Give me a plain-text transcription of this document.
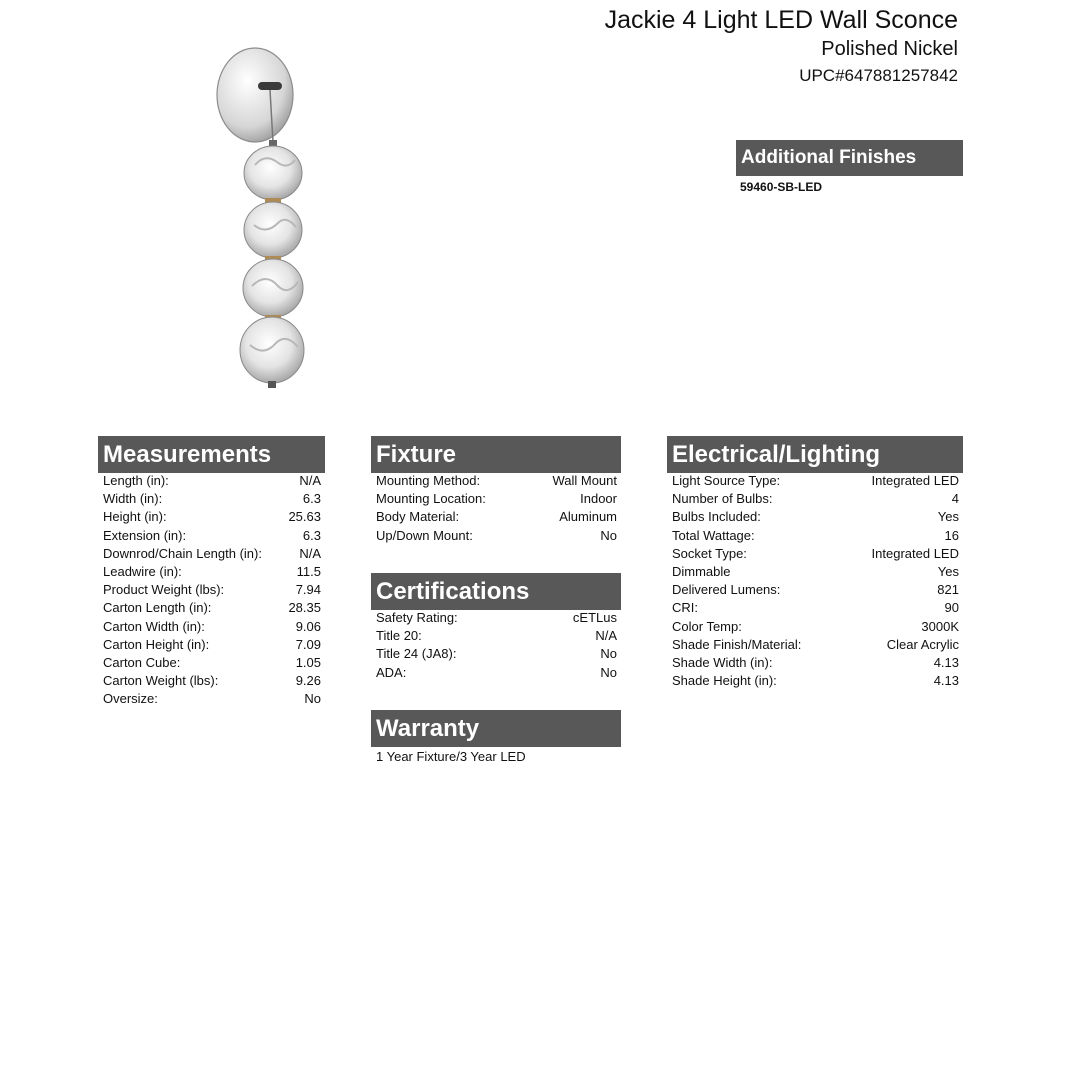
Jackie 4 Light LED Wall Sconce
Polished Nickel
UPC#647881257842
Additional Finishes
59460-SB-LED
Measurements
Length (in):	N/A
Width (in):	6.3
Height (in):	25.63
Extension (in):	6.3
Downrod/Chain Length (in):	N/A
Leadwire (in):	11.5
Product Weight (lbs):	7.94
Carton Length (in):	28.35
Carton Width (in):	9.06
Carton Height (in):	7.09
Carton Cube:	1.05
Carton Weight (lbs):	9.26
Oversize:	No
Fixture
Mounting Method:	Wall Mount
Mounting Location:	Indoor
Body Material:	Aluminum
Up/Down Mount:	No
Certifications
Safety Rating:	cETLus
Title 20:	N/A
Title 24 (JA8):	No
ADA:	No
Warranty
1 Year Fixture/3 Year LED
Electrical/Lighting
Light Source Type:	Integrated LED
Number of Bulbs:	4
Bulbs Included:	Yes
Total Wattage:	16
Socket Type:	Integrated LED
Dimmable	Yes
Delivered Lumens:	821
CRI:	90
Color Temp:	3000K
Shade Finish/Material:	Clear Acrylic
Shade Width (in):	4.13
Shade Height (in):	4.13
